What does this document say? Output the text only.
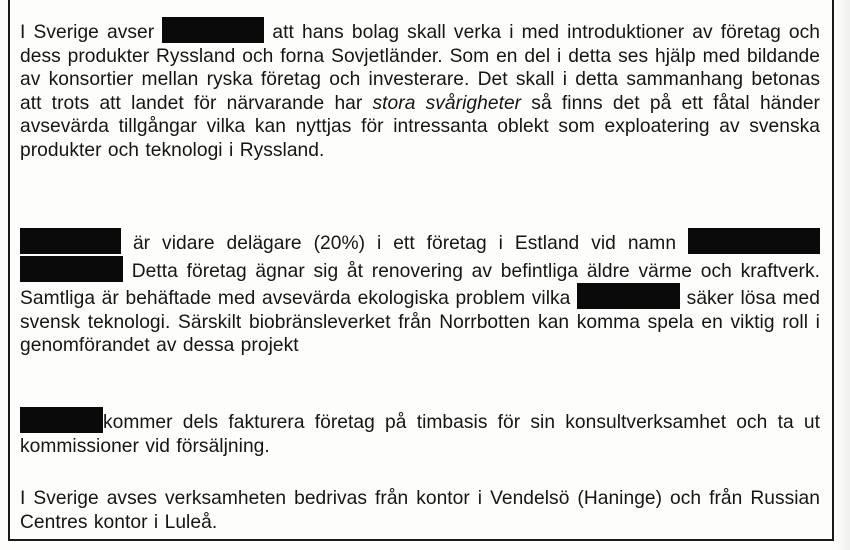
I Sverige avser	att hans bolag skall verka i med introduktioner av företag och dess produkter Ryssland och forna Sovjetländer. Som en del i detta ses hjälp med bildande av konsortier mellan ryska företag och investerare. Det skall i detta sammanhang betonas att trots att landet för närvarande har stora svårigheter så finns det på ett fåtal händer avsevärda tillgångar vilka kan nyttjas för intressanta oblekt som exploatering av svenska produkter och teknologi i Ryssland.

är vidare delägare (20%) i ett företag i Estland vid namn   Detta företag ägnar sig åt renovering av befintliga äldre värme och kraftverk. Samtliga är behäftade med avsevärda ekologiska problem vilka	säker lösa med svensk teknologi. Särskilt biobränsleverket från Norrbotten kan komma spela en viktig roll i genomförandet av dessa projekt

kommer dels fakturera företag på timbasis för sin konsultverksamhet och ta ut kommissioner vid försäljning.

I Sverige avses verksamheten bedrivas från kontor i Vendelsö (Haninge) och från Russian Centres kontor i Luleå.
